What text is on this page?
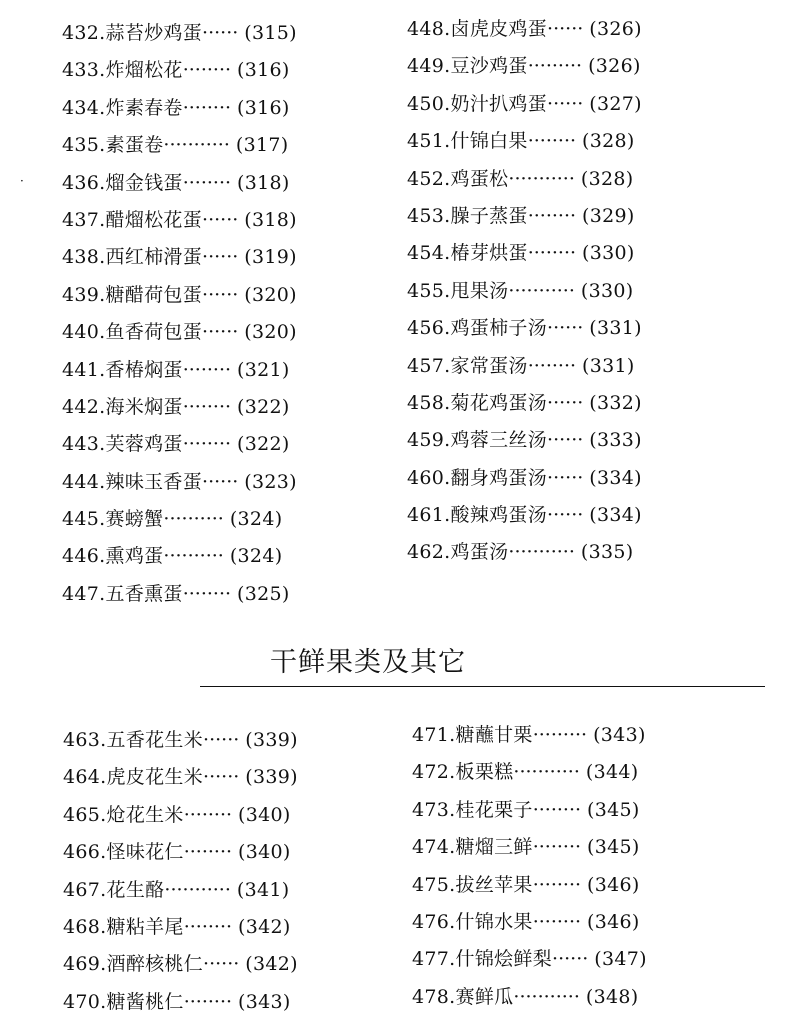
·
432.蒜苔炒鸡蛋······ (315)
433.炸熘松花········ (316)
434.炸素春卷········ (316)
435.素蛋卷··········· (317)
436.熘金钱蛋········ (318)
437.醋熘松花蛋······ (318)
438.西红柿滑蛋······ (319)
439.糖醋荷包蛋······ (320)
440.鱼香荷包蛋······ (320)
441.香椿焖蛋········ (321)
442.海米焖蛋········ (322)
443.芙蓉鸡蛋········ (322)
444.辣味玉香蛋······ (323)
445.赛螃蟹·········· (324)
446.熏鸡蛋·········· (324)
447.五香熏蛋········ (325)
448.卤虎皮鸡蛋······ (326)
449.豆沙鸡蛋········· (326)
450.奶汁扒鸡蛋······ (327)
451.什锦白果········ (328)
452.鸡蛋松··········· (328)
453.臊子蒸蛋········ (329)
454.椿芽烘蛋········ (330)
455.甩果汤··········· (330)
456.鸡蛋柿子汤······ (331)
457.家常蛋汤········ (331)
458.菊花鸡蛋汤······ (332)
459.鸡蓉三丝汤······ (333)
460.翻身鸡蛋汤······ (334)
461.酸辣鸡蛋汤······ (334)
462.鸡蛋汤··········· (335)
干鲜果类及其它
463.五香花生米······ (339)
464.虎皮花生米······ (339)
465.炝花生米········ (340)
466.怪味花仁········ (340)
467.花生酪··········· (341)
468.糖粘羊尾········ (342)
469.酒醉核桃仁······ (342)
470.糖酱桃仁········ (343)
471.糖蘸甘栗········· (343)
472.板栗糕··········· (344)
473.桂花栗子········ (345)
474.糖熘三鲜········ (345)
475.拔丝苹果········ (346)
476.什锦水果········ (346)
477.什锦烩鲜梨······ (347)
478.赛鲜瓜··········· (348)
